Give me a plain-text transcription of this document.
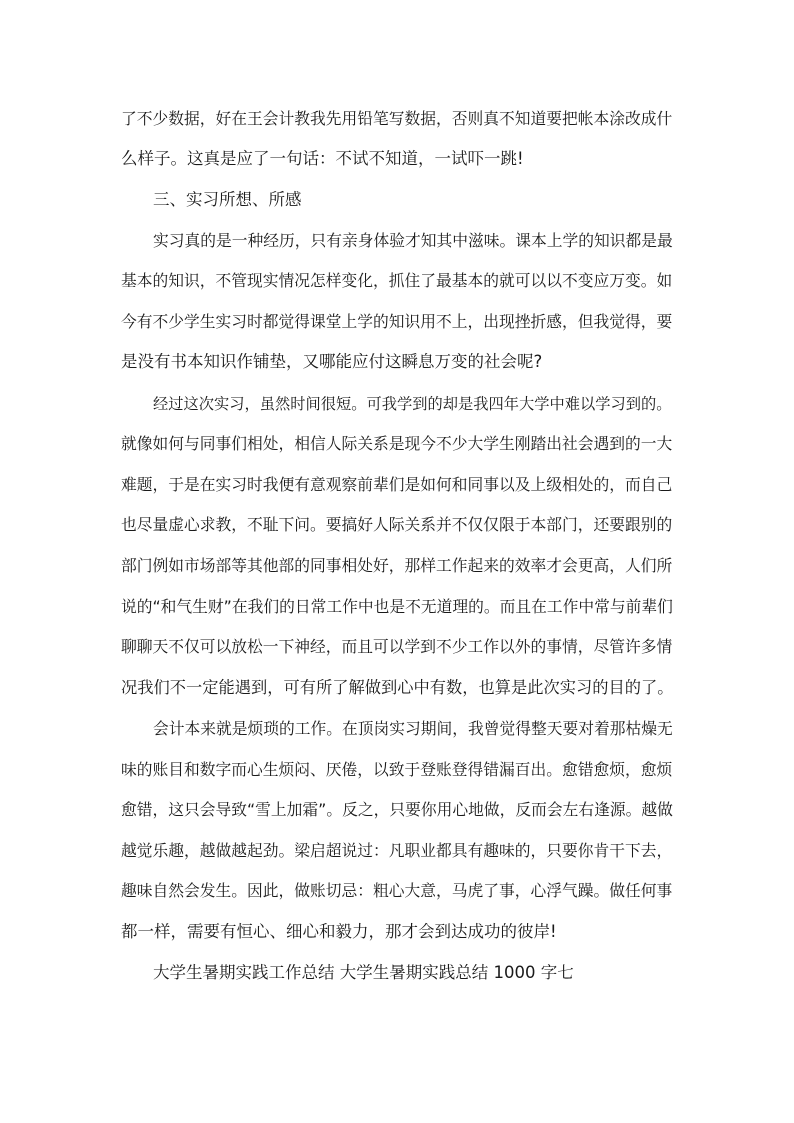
了不少数据，好在王会计教我先用铅笔写数据，否则真不知道要把帐本涂改成什
么样子。这真是应了一句话：不试不知道，一试吓一跳!
三、实习所想、所感
实习真的是一种经历，只有亲身体验才知其中滋味。课本上学的知识都是最
基本的知识，不管现实情况怎样变化，抓住了最基本的就可以以不变应万变。如
今有不少学生实习时都觉得课堂上学的知识用不上，出现挫折感，但我觉得，要
是没有书本知识作铺垫，又哪能应付这瞬息万变的社会呢?
经过这次实习，虽然时间很短。可我学到的却是我四年大学中难以学习到的。
就像如何与同事们相处，相信人际关系是现今不少大学生刚踏出社会遇到的一大
难题，于是在实习时我便有意观察前辈们是如何和同事以及上级相处的，而自己
也尽量虚心求教，不耻下问。要搞好人际关系并不仅仅限于本部门，还要跟别的
部门例如市场部等其他部的同事相处好，那样工作起来的效率才会更高，人们所
说的“和气生财”在我们的日常工作中也是不无道理的。而且在工作中常与前辈们
聊聊天不仅可以放松一下神经，而且可以学到不少工作以外的事情，尽管许多情
况我们不一定能遇到，可有所了解做到心中有数，也算是此次实习的目的了。
会计本来就是烦琐的工作。在顶岗实习期间，我曾觉得整天要对着那枯燥无
味的账目和数字而心生烦闷、厌倦，以致于登账登得错漏百出。愈错愈烦，愈烦
愈错，这只会导致“雪上加霜”。反之，只要你用心地做，反而会左右逢源。越做
越觉乐趣，越做越起劲。梁启超说过：凡职业都具有趣味的，只要你肯干下去，
趣味自然会发生。因此，做账切忌：粗心大意，马虎了事，心浮气躁。做任何事
都一样，需要有恒心、细心和毅力，那才会到达成功的彼岸!
大学生暑期实践工作总结 大学生暑期实践总结 1000 字七
